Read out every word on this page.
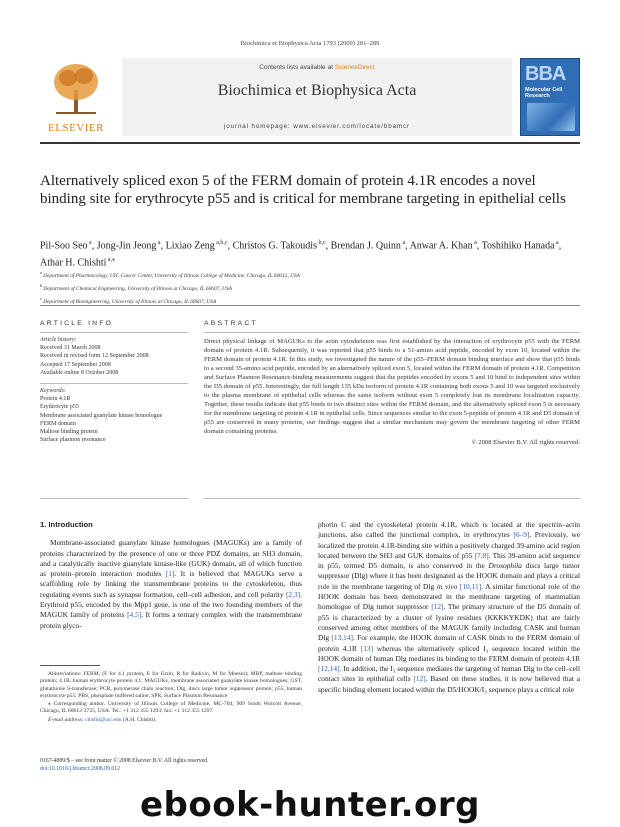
Biochimica et Biophysica Acta 1793 (2009) 281–289
ELSEVIER
Contents lists available at ScienceDirect
Biochimica et Biophysica Acta
journal homepage: www.elsevier.com/locate/bbamcr
BBA
Molecular Cell Research
Alternatively spliced exon 5 of the FERM domain of protein 4.1R encodes a novel binding site for erythrocyte p55 and is critical for membrane targeting in epithelial cells
Pil-Soo Seo $^a$, Jong-Jin Jeong $^a$, Lixiao Zeng $^{a,b,c}$, Christos G. Takoudis $^{b,c}$, Brendan J. Quinn $^a$, Anwar A. Khan $^a$, Toshihiko Hanada $^a$, Athar H. Chishti $^{a,⁎}$
$^a$ Department of Pharmacology, UIC Cancer Center, University of Illinois College of Medicine, Chicago, IL 60612, USA
$^b$ Department of Chemical Engineering, University of Illinois at Chicago, IL 60607, USA
$^c$ Department of Bioengineering, University of Illinois at Chicago, IL 60607, USA
ARTICLE INFO	ABSTRACT
Article history:
Received 31 March 2008
Received in revised form 12 September 2008
Accepted 17 September 2008
Available online 8 October 2008
Keywords:
Protein 4.1R
Erythrocyte p55
Membrane associated guanylate kinase homologue
FERM domain
Maltose binding protein
Surface plasmon resonance

Direct physical linkage of MAGUKs to the actin cytoskeleton was first established by the interaction of erythrocyte p55 with the FERM domain of protein 4.1R. Subsequently, it was reported that p55 binds to a 51-amino acid peptide, encoded by exon 10, located within the FERM domain of protein 4.1R. In this study, we investigated the nature of the p55–FERM domain binding interface and show that p55 binds to a second 35-amino acid peptide, encoded by an alternatively spliced exon 5, located within the FERM domain of protein 4.1R. Competition and Surface Plasmon Resonance-binding measurements suggest that the peptides encoded by exons 5 and 10 bind to independent sites within the D5 domain of p55. Interestingly, the full length 135 kDa isoform of protein 4.1R containing both exons 5 and 10 was targeted exclusively to the plasma membrane of epithelial cells whereas the same isoform without exon 5 completely lost its membrane localization capacity. Together, these results indicate that p55 binds to two distinct sites within the FERM domain, and the alternatively spliced exon 5 is necessary for the membrane targeting of protein 4.1R in epithelial cells. Since sequences similar to the exon 5-peptide of protein 4.1R and D5 domain of p55 are conserved in many proteins, our findings suggest that a similar mechanism may govern the membrane targeting of other FERM domain containing proteins.

© 2008 Elsevier B.V. All rights reserved.

1. Introduction

Membrane-associated guanylate kinase homologues (MAGUKs) are a family of proteins characterized by the presence of one or three PDZ domains, an SH3 domain, and a catalytically inactive guanylate kinase-like (GUK) domain, all of which function as protein–protein interaction modules [1]. It is believed that MAGUKs serve a scaffolding role by linking the transmembrane proteins to the cytoskeleton, thus regulating events such as synapse formation, cell–cell adhesion, and cell polarity [2,3]. Erythroid p55, encoded by the Mpp1 gene, is one of the two founding members of the MAGUK family of proteins [4,5]. It forms a ternary complex with the transmembrane protein glyco-

phorin C and the cytoskeletal protein 4.1R, which is located at the spectrin–actin junctions, also called the junctional complex, in erythrocytes [6–9]. Previously, we localized the protein 4.1R-binding site within a positively charged 39-amino acid region located between the SH3 and GUK domains of p55 [7,8]. This 39-amino acid sequence in p55, termed D5 domain, is also conserved in the Drosophila discs large tumor suppressor (Dlg) where it has been designated as the HOOK domain and plays a critical role in the membrane targeting of Dlg in vivo [10,11]. A similar functional role of the HOOK domain has been demonstrated in the membrane targeting of mammalian homologue of Dlg tumor suppressor [12]. The primary structure of the D5 domain of p55 is characterized by a cluster of lysine residues (KKKKYKDK) that are fairly conserved among other members of the MAGUK family including CASK and human Dlg [13,14]. For example, the HOOK domain of CASK binds to the FERM domain of protein 4.1R [13] whereas the alternatively spliced I₃ sequence located within the HOOK domain of human Dlg mediates its binding to the FERM domain of protein 4.1R [12,14]. In addition, the I₃ sequence mediates the targeting of human Dlg to the cell–cell contact sites in epithelial cells [12]. Based on these studies, it is now believed that a specific binding element located within the D5/HOOK/I₃ sequence plays a critical role

Abbreviations: FERM, (F for 4.1 protein, E for Ezrin, R for Radixin, M for Moesin); MBP, maltose binding protein; 4.1R, human erythrocyte protein 4.1; MAGUKs, membrane associated guanylate kinase homologues; GST, glutathione S-transferase; PCR, polymerase chain reaction; Dlg, discs large tumor suppressor protein; p55, human erythrocyte p55; PBS, phosphate buffered saline; SPR, Surface Plasmon Resonance

⁎ Corresponding author. University of Illinois College of Medicine, MC-704, 909 South Wolcott Avenue, Chicago, IL 60612-3725, USA. Tel.: +1 312 355 1293; fax: +1 312 355 1297.

E-mail address: chishti@uic.edu (A.H. Chishti).

0167-4889/$ – see front matter © 2008 Elsevier B.V. All rights reserved.
doi:10.1016/j.bbamcr.2008.09.012
ebook-hunter.org
